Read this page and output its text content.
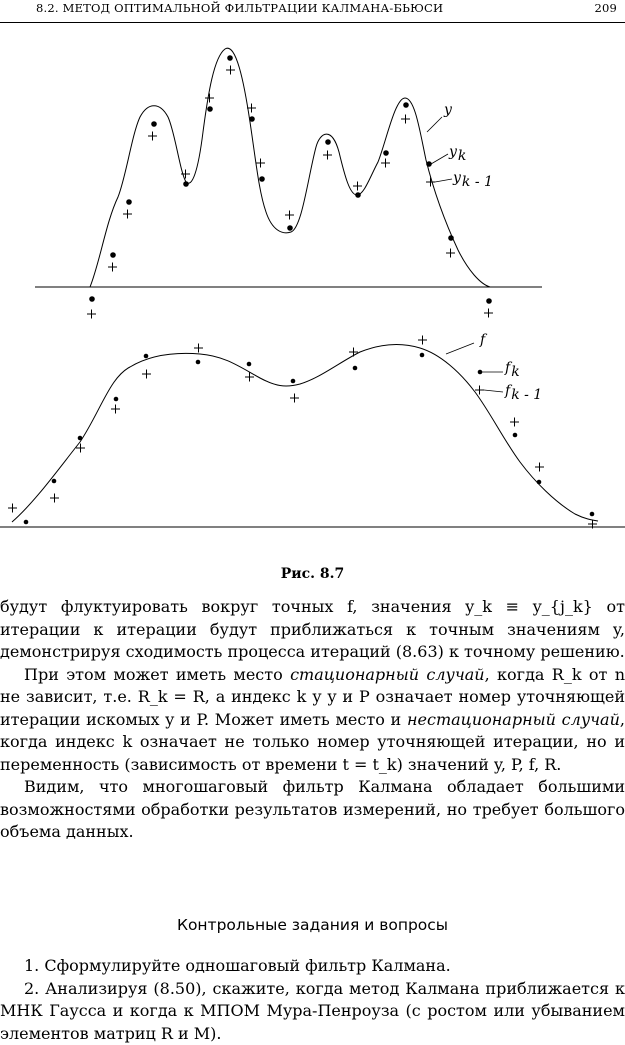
8.2. МЕТОД ОПТИМАЛЬНОЙ ФИЛЬТРАЦИИ КАЛМАНА-БЬЮСИ	209
y
yk
yk - 1
f
fk
fk - 1
Рис. 8.7

будут флуктуировать вокруг точных f, значения y_k ≡ y_{j_k} от итерации к итерации будут приближаться к точным значениям y, демонстрируя сходимость процесса итераций (8.63) к точному решению.

При этом может иметь место стационарный случай, когда R_k от n не зависит, т.е. R_k = R, а индекс k у y и P означает номер уточняющей итерации искомых y и P. Может иметь место и нестационарный случай, когда индекс k означает не только номер уточняющей итерации, но и переменность (зависимость от времени t = t_k) значений y, P, f, R.

Видим, что многошаговый фильтр Калмана обладает большими возможностями обработки результатов измерений, но требует большого объема данных.

Контрольные задания и вопросы

1. Сформулируйте одношаговый фильтр Калмана.

2. Анализируя (8.50), скажите, когда метод Калмана приближается к МНК Гаусса и когда к МПОМ Мура-Пенроуза (с ростом или убыванием элементов матриц R и M).
